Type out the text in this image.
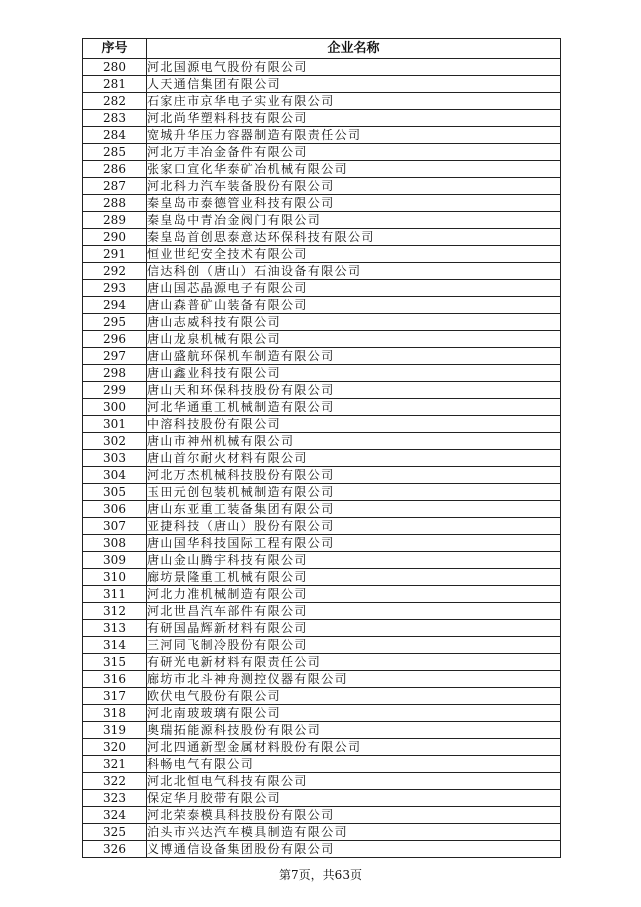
序号	企业名称
280	河北国源电气股份有限公司
281	人天通信集团有限公司
282	石家庄市京华电子实业有限公司
283	河北尚华塑料科技有限公司
284	宽城升华压力容器制造有限责任公司
285	河北万丰冶金备件有限公司
286	张家口宣化华泰矿冶机械有限公司
287	河北科力汽车装备股份有限公司
288	秦皇岛市泰德管业科技有限公司
289	秦皇岛中青冶金阀门有限公司
290	秦皇岛首创思泰意达环保科技有限公司
291	恒业世纪安全技术有限公司
292	信达科创（唐山）石油设备有限公司
293	唐山国芯晶源电子有限公司
294	唐山森普矿山装备有限公司
295	唐山志威科技有限公司
296	唐山龙泉机械有限公司
297	唐山盛航环保机车制造有限公司
298	唐山鑫业科技有限公司
299	唐山天和环保科技股份有限公司
300	河北华通重工机械制造有限公司
301	中溶科技股份有限公司
302	唐山市神州机械有限公司
303	唐山首尔耐火材料有限公司
304	河北万杰机械科技股份有限公司
305	玉田元创包装机械制造有限公司
306	唐山东亚重工装备集团有限公司
307	亚捷科技（唐山）股份有限公司
308	唐山国华科技国际工程有限公司
309	唐山金山腾宇科技有限公司
310	廊坊景隆重工机械有限公司
311	河北力准机械制造有限公司
312	河北世昌汽车部件有限公司
313	有研国晶辉新材料有限公司
314	三河同飞制冷股份有限公司
315	有研光电新材料有限责任公司
316	廊坊市北斗神舟测控仪器有限公司
317	欧伏电气股份有限公司
318	河北南玻玻璃有限公司
319	奥瑞拓能源科技股份有限公司
320	河北四通新型金属材料股份有限公司
321	科畅电气有限公司
322	河北北恒电气科技有限公司
323	保定华月胶带有限公司
324	河北荣泰模具科技股份有限公司
325	泊头市兴达汽车模具制造有限公司
326	义博通信设备集团股份有限公司
第7页，共63页
